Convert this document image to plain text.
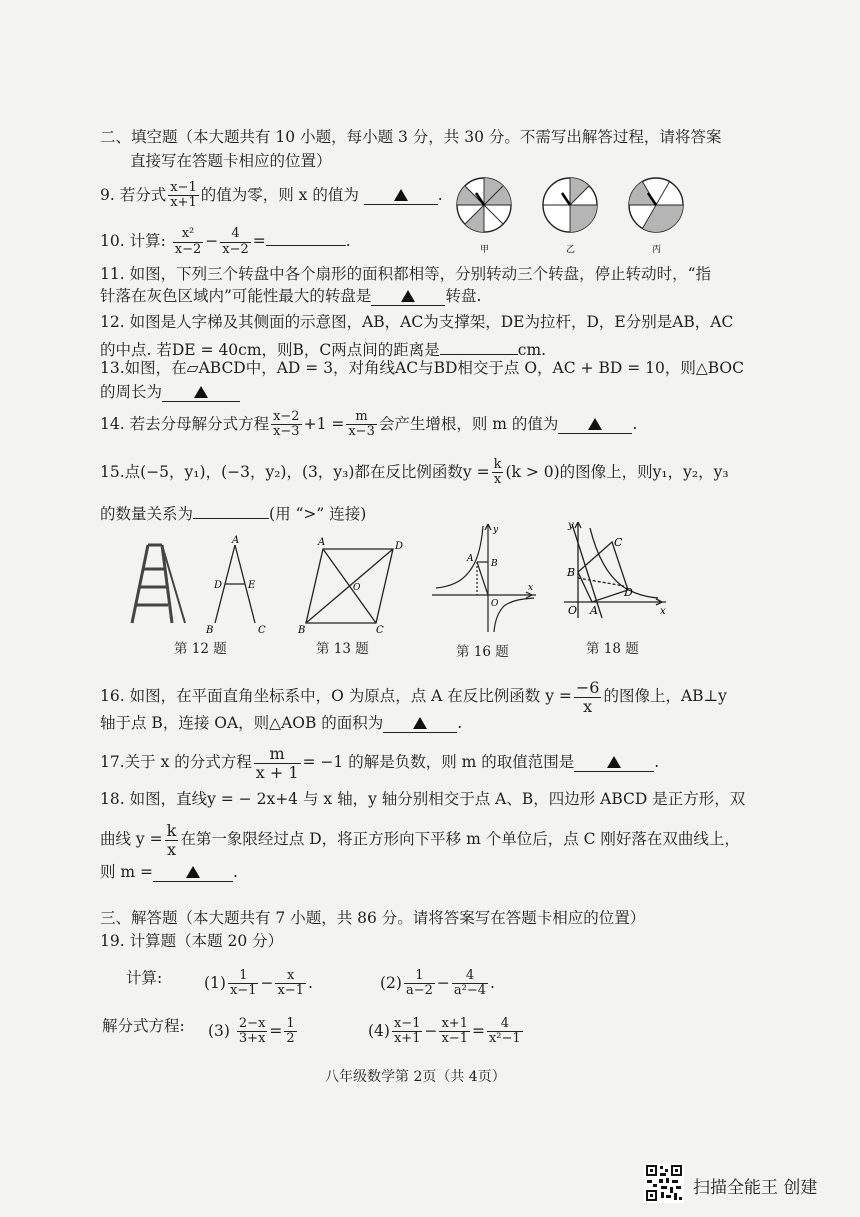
二、填空题（本大题共有 10 小题，每小题 3 分，共 30 分。不需写出解答过程，请将答案
直接写在答题卡相应的位置）
9. 若分式 $\frac{x-1}{x+1}$ 的值为零，则 x 的值为	.
10. 计算: $\frac{\text{x²}}{x-2} - \frac{4}{x-2}$ =	.	甲	乙	丙
11. 如图，下列三个转盘中各个扇形的面积都相等，分别转动三个转盘，停止转动时，“指
针落在灰色区域内”可能性最大的转盘是	转盘.
12. 如图是人字梯及其侧面的示意图，AB，AC为支撑架，DE为拉杆，D，E分别是AB，AC
的中点. 若DE = 40cm，则B，C两点间的距离是	cm.
13.如图，在▱ABCD中，AD = 3，对角线AC与BD相交于点 O，AC + BD = 10，则△BOC
的周长为
14. 若去分母解分式方程 $\frac{x-2}{x-3} +1 = \frac{m}{x-3}$ 会产生增根，则 m 的值为	.
15.点(−5，y₁)，(−3，y₂)，(3，y₃)都在反比例函数$y = \frac{k}{x} (k > 0)$的图像上，则y₁，y₂，y₃
的数量关系为	(用 “>” 连接)
A
B	C
D	E
A	D
B	C
O
A B
O
x
y	y
x
O A
B
C
D
第 12 题	第 13 题	第 16 题	第 18 题
16. 如图，在平面直角坐标系中，O 为原点，点 A 在反比例函数 $y = \frac{-6}{x}$ 的图像上，AB⊥y
轴于点 B，连接 OA，则△AOB 的面积为	.
17.关于 x 的分式方程 $\frac{m}{x + 1} = -1$ 的解是负数，则 m 的取值范围是	.
18. 如图，直线y = − 2x+4 与 x 轴，y 轴分别相交于点 A、B，四边形 ABCD 是正方形，双
曲线 $y = \frac{k}{x}$ 在第一象限经过点 D，将正方形向下平移 m 个单位后，点 C 刚好落在双曲线上，
则 m =	.
三、解答题（本大题共有 7 小题，共 86 分。请将答案写在答题卡相应的位置）
19. 计算题（本题 20 分）
计算:	$(1) \frac{1}{x-1} - \frac{x}{x-1}$ .	$(2) \frac{1}{a-2} - \frac{4}{\text{a²−4}}$ .
解分式方程: $(3) \frac{2-x}{3+x} = \frac{1}{2}$	$(4) \frac{x-1}{x+1} - \frac{x+1}{x-1} = \frac{4}{\text{x²−1}}$
八年级数学第 2页（共 4页）
扫描全能王 创建
